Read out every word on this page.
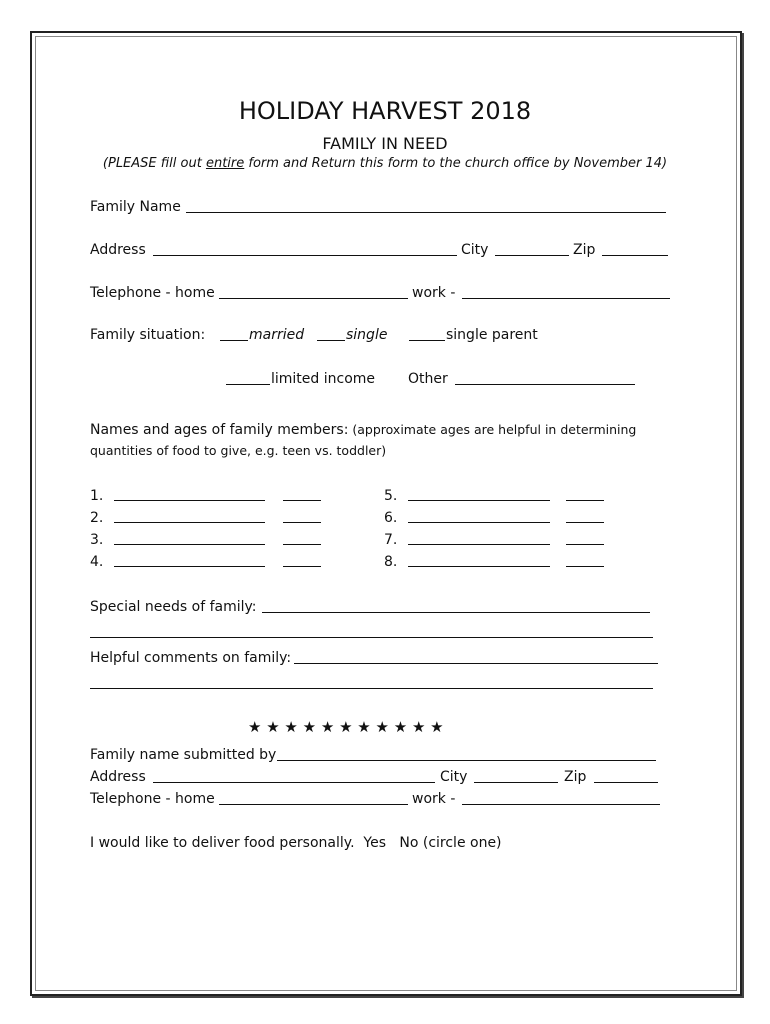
HOLIDAY HARVEST 2018
FAMILY IN NEED
(PLEASE fill out entire form and Return this form to the church office by November 14)
Family Name
Address	City	Zip
Telephone - home	work -
Family situation:	married	single	single parent
limited income Other
Names and ages of family members: (approximate ages are helpful in determining
quantities of food to give, e.g. teen vs. toddler)
1.
2.
3.
4.
5.
6.
7.
8.
Special needs of family:
Helpful comments on family:
★ ★ ★ ★ ★ ★ ★ ★ ★ ★ ★
Family name submitted by
Address	City	Zip
Telephone - home	work -
I would like to deliver food personally.  Yes   No (circle one)
